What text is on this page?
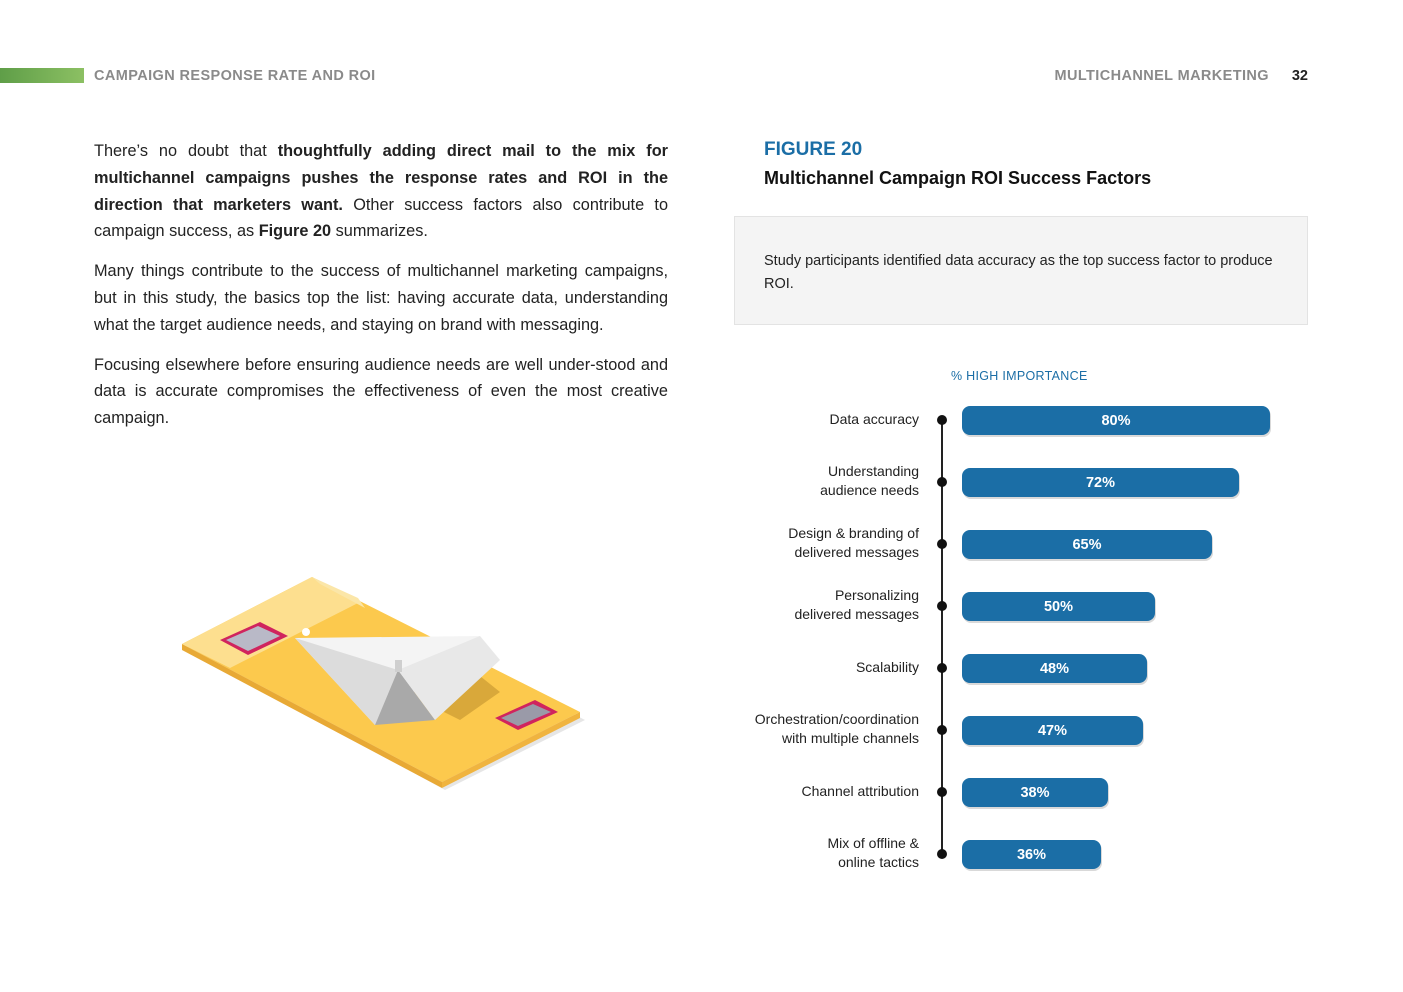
CAMPAIGN RESPONSE RATE AND ROI	MULTICHANNEL MARKETING 32

There’s no doubt that thoughtfully adding direct mail to the mix for multichannel campaigns pushes the response rates and ROI in the direction that marketers want. Other success factors also contribute to campaign success, as Figure 20 summarizes.

Many things contribute to the success of multichannel marketing campaigns, but in this study, the basics top the list: having accurate data, understanding what the target audience needs, and staying on brand with messaging.

Focusing elsewhere before ensuring audience needs are well under-stood and data is accurate compromises the effectiveness of even the most creative campaign.

FIGURE 20
Multichannel Campaign ROI Success Factors
Study participants identified data accuracy as the top success factor to produce ROI.
% HIGH IMPORTANCE
Data accuracy	80%
Understanding
audience needs	72%
Design & branding of
delivered messages	65%
Personalizing
delivered messages	50%
Scalability	48%
Orchestration/coordination
with multiple channels	47%
Channel attribution	38%
Mix of offline &
online tactics	36%
